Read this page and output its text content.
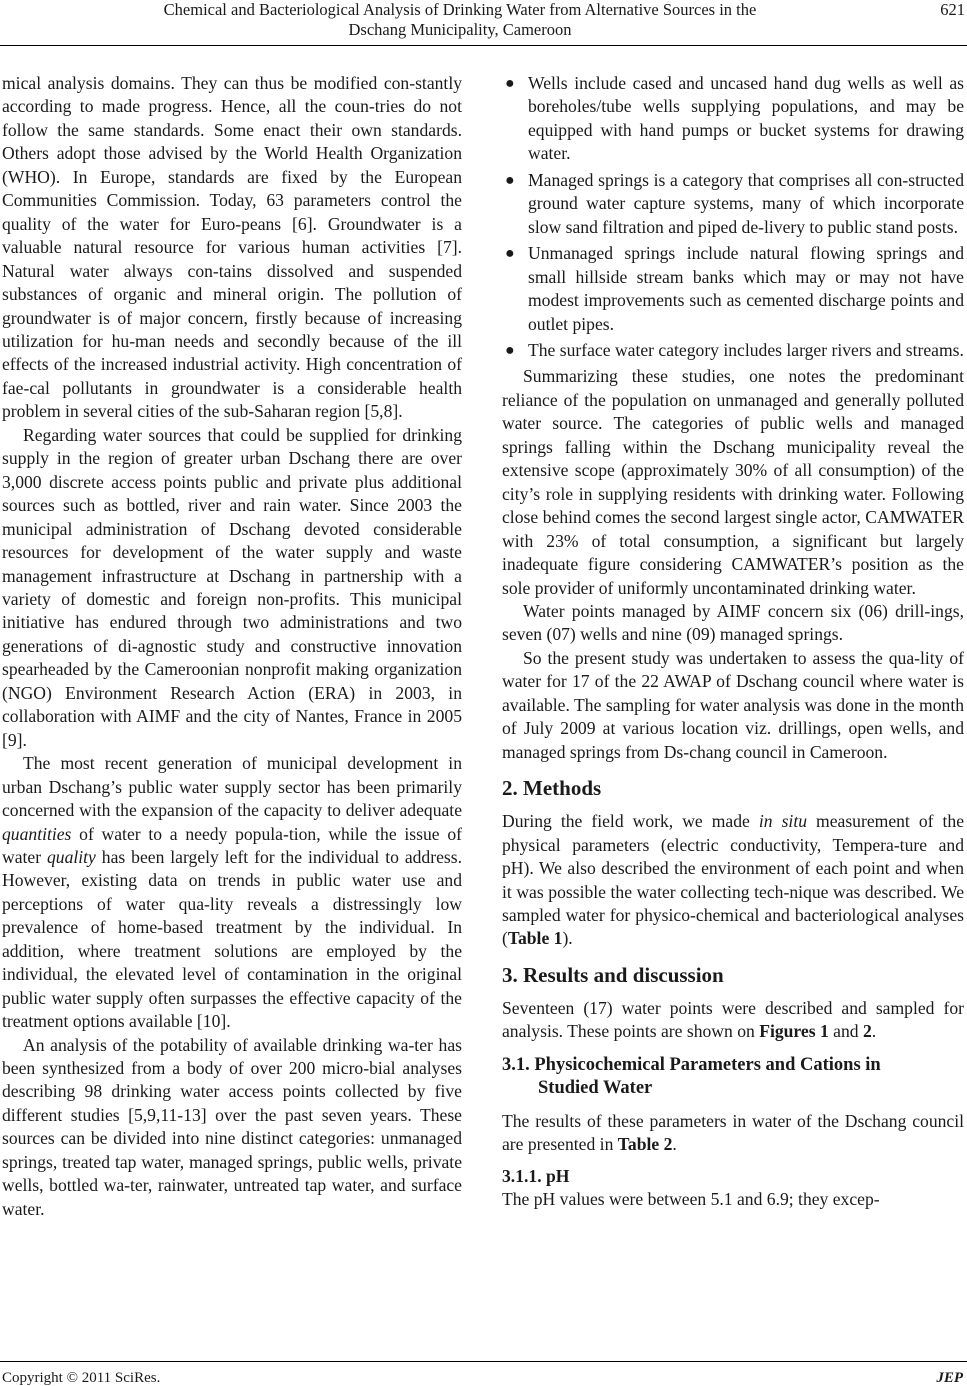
Chemical and Bacteriological Analysis of Drinking Water from Alternative Sources in the
Dschang Municipality, Cameroon
621

mical analysis domains. They can thus be modified con-stantly according to made progress. Hence, all the coun-tries do not follow the same standards. Some enact their own standards. Others adopt those advised by the World Health Organization (WHO). In Europe, standards are fixed by the European Communities Commission. Today, 63 parameters control the quality of the water for Euro-peans [6]. Groundwater is a valuable natural resource for various human activities [7]. Natural water always con-tains dissolved and suspended substances of organic and mineral origin. The pollution of groundwater is of major concern, firstly because of increasing utilization for hu-man needs and secondly because of the ill effects of the increased industrial activity. High concentration of fae-cal pollutants in groundwater is a considerable health problem in several cities of the sub-Saharan region [5,8].

Regarding water sources that could be supplied for drinking supply in the region of greater urban Dschang there are over 3,000 discrete access points public and private plus additional sources such as bottled, river and rain water. Since 2003 the municipal administration of Dschang devoted considerable resources for development of the water supply and waste management infrastructure at Dschang in partnership with a variety of domestic and foreign non-profits. This municipal initiative has endured through two administrations and two generations of di-agnostic study and constructive innovation spearheaded by the Cameroonian nonprofit making organization (NGO) Environment Research Action (ERA) in 2003, in collaboration with AIMF and the city of Nantes, France in 2005 [9].

The most recent generation of municipal development in urban Dschang’s public water supply sector has been primarily concerned with the expansion of the capacity to deliver adequate quantities of water to a needy popula-tion, while the issue of water quality has been largely left for the individual to address. However, existing data on trends in public water use and perceptions of water qua-lity reveals a distressingly low prevalence of home-based treatment by the individual. In addition, where treatment solutions are employed by the individual, the elevated level of contamination in the original public water supply often surpasses the effective capacity of the treatment options available [10].

An analysis of the potability of available drinking wa-ter has been synthesized from a body of over 200 micro-bial analyses describing 98 drinking water access points collected by five different studies [5,9,11-13] over the past seven years. These sources can be divided into nine distinct categories: unmanaged springs, treated tap water, managed springs, public wells, private wells, bottled wa-ter, rainwater, untreated tap water, and surface water.

● Wells include cased and uncased hand dug wells as well as boreholes/tube wells supplying populations, and may be equipped with hand pumps or bucket systems for drawing water.
● Managed springs is a category that comprises all con-structed ground water capture systems, many of which incorporate slow sand filtration and piped de-livery to public stand posts.
● Unmanaged springs include natural flowing springs and small hillside stream banks which may or may not have modest improvements such as cemented discharge points and outlet pipes.
● The surface water category includes larger rivers and streams.

Summarizing these studies, one notes the predominant reliance of the population on unmanaged and generally polluted water source. The categories of public wells and managed springs falling within the Dschang municipality reveal the extensive scope (approximately 30% of all consumption) of the city’s role in supplying residents with drinking water. Following close behind comes the second largest single actor, CAMWATER with 23% of total consumption, a significant but largely inadequate figure considering CAMWATER’s position as the sole provider of uniformly uncontaminated drinking water.

Water points managed by AIMF concern six (06) drill-ings, seven (07) wells and nine (09) managed springs.

So the present study was undertaken to assess the qua-lity of water for 17 of the 22 AWAP of Dschang council where water is available. The sampling for water analysis was done in the month of July 2009 at various location viz. drillings, open wells, and managed springs from Ds-chang council in Cameroon.

2. Methods

During the field work, we made in situ measurement of the physical parameters (electric conductivity, Tempera-ture and pH). We also described the environment of each point and when it was possible the water collecting tech-nique was described. We sampled water for physico-chemical and bacteriological analyses (Table 1).

3. Results and discussion

Seventeen (17) water points were described and sampled for analysis. These points are shown on Figures 1 and 2.

3.1. Physicochemical Parameters and Cations in
Studied Water

The results of these parameters in water of the Dschang council are presented in Table 2.

3.1.1. pH

The pH values were between 5.1 and 6.9; they excep-

Copyright © 2011 SciRes.	JEP
